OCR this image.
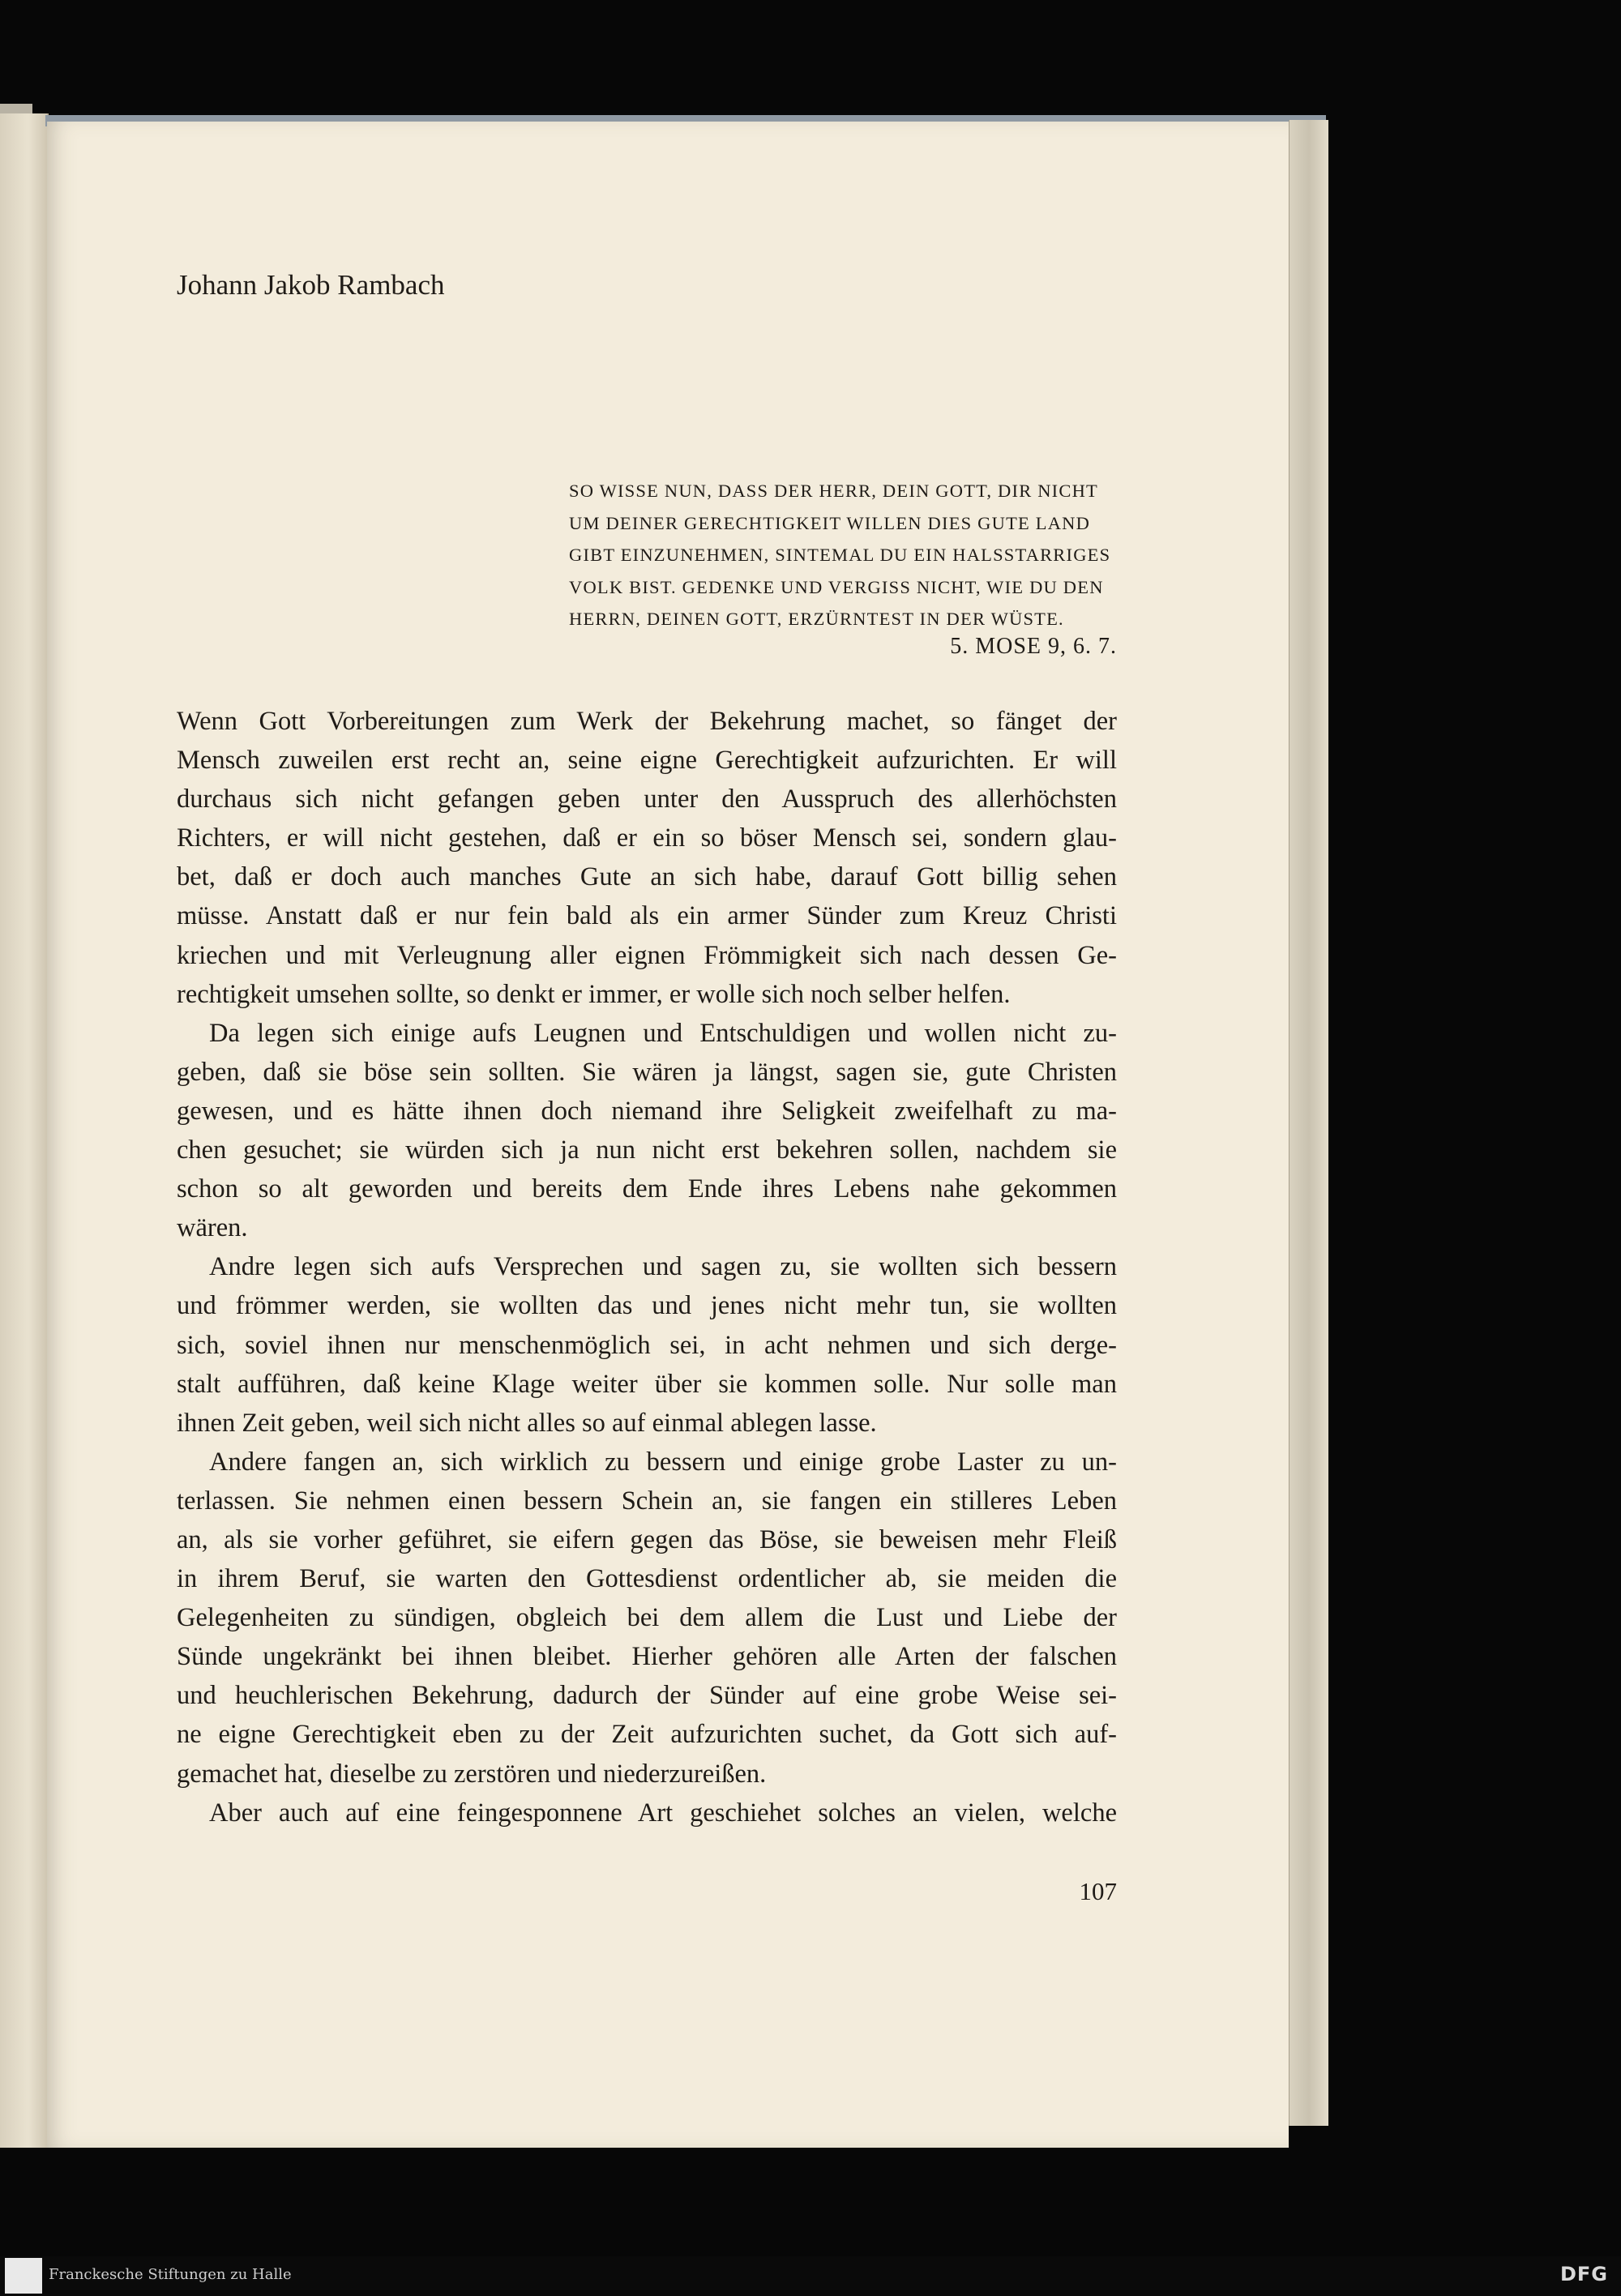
Johann Jakob Rambach
SO WISSE NUN, DASS DER HERR, DEIN GOTT, DIR NICHT
UM DEINER GERECHTIGKEIT WILLEN DIES GUTE LAND
GIBT EINZUNEHMEN, SINTEMAL DU EIN HALSSTARRIGES
VOLK BIST. GEDENKE UND VERGISS NICHT, WIE DU DEN
HERRN, DEINEN GOTT, ERZÜRNTEST IN DER WÜSTE.
5. MOSE 9, 6. 7.

Wenn Gott Vorbereitungen zum Werk der Bekehrung machet, so fänget der
Mensch zuweilen erst recht an, seine eigne Gerechtigkeit aufzurichten. Er will
durchaus sich nicht gefangen geben unter den Ausspruch des allerhöchsten
Richters, er will nicht gestehen, daß er ein so böser Mensch sei, sondern glau-
bet, daß er doch auch manches Gute an sich habe, darauf Gott billig sehen
müsse. Anstatt daß er nur fein bald als ein armer Sünder zum Kreuz Christi
kriechen und mit Verleugnung aller eignen Frömmigkeit sich nach dessen Ge-
rechtigkeit umsehen sollte, so denkt er immer, er wolle sich noch selber helfen.

Da legen sich einige aufs Leugnen und Entschuldigen und wollen nicht zu-
geben, daß sie böse sein sollten. Sie wären ja längst, sagen sie, gute Christen
gewesen, und es hätte ihnen doch niemand ihre Seligkeit zweifelhaft zu ma-
chen gesuchet; sie würden sich ja nun nicht erst bekehren sollen, nachdem sie
schon so alt geworden und bereits dem Ende ihres Lebens nahe gekommen
wären.

Andre legen sich aufs Versprechen und sagen zu, sie wollten sich bessern
und frömmer werden, sie wollten das und jenes nicht mehr tun, sie wollten
sich, soviel ihnen nur menschenmöglich sei, in acht nehmen und sich derge-
stalt aufführen, daß keine Klage weiter über sie kommen solle. Nur solle man
ihnen Zeit geben, weil sich nicht alles so auf einmal ablegen lasse.

Andere fangen an, sich wirklich zu bessern und einige grobe Laster zu un-
terlassen. Sie nehmen einen bessern Schein an, sie fangen ein stilleres Leben
an, als sie vorher geführet, sie eifern gegen das Böse, sie beweisen mehr Fleiß
in ihrem Beruf, sie warten den Gottesdienst ordentlicher ab, sie meiden die
Gelegenheiten zu sündigen, obgleich bei dem allem die Lust und Liebe der
Sünde ungekränkt bei ihnen bleibet. Hierher gehören alle Arten der falschen
und heuchlerischen Bekehrung, dadurch der Sünder auf eine grobe Weise sei-
ne eigne Gerechtigkeit eben zu der Zeit aufzurichten suchet, da Gott sich auf-
gemachet hat, dieselbe zu zerstören und niederzureißen.

Aber auch auf eine feingesponnene Art geschiehet solches an vielen, welche

107
Franckesche Stiftungen zu Halle	DFG
